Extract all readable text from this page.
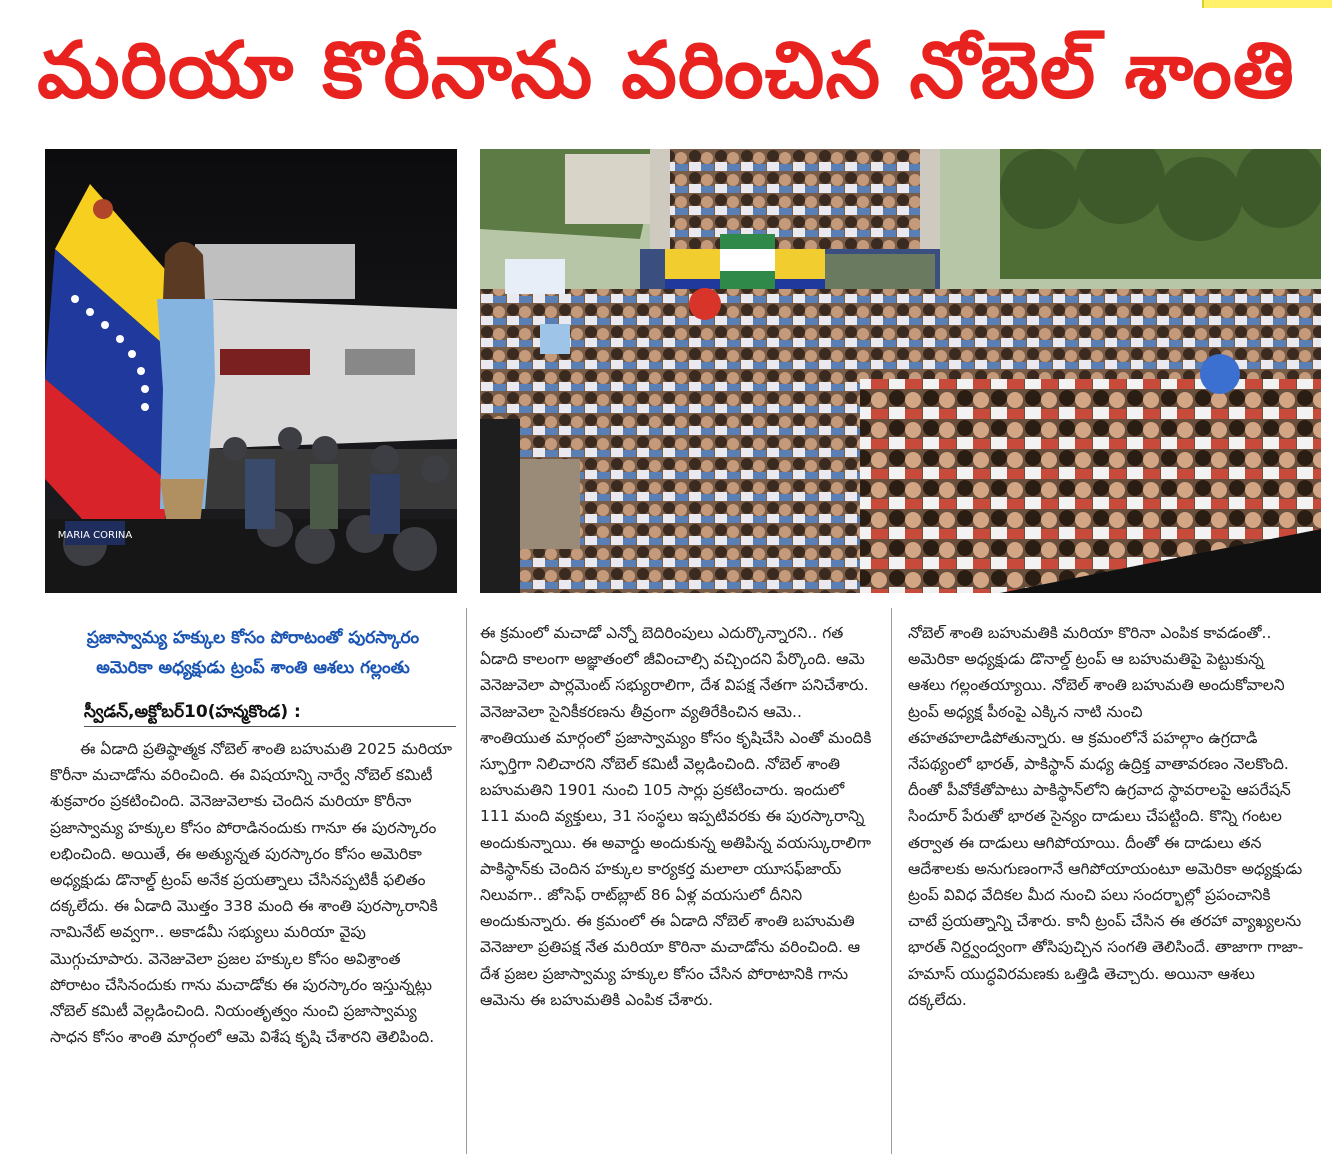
మరియా కొరీనాను వరించిన నోబెల్‌ శాంతి
MARIA CORINA
ప్రజాస్వామ్య హక్కుల కోసం పోరాటంతో పురస్కారం
అమెరికా అధ్యక్షుడు ట్రంప్‌ శాంతి ఆశలు గల్లంతు
స్వీడన్‌,అక్టోబర్‌10(హన్మకొండ) :
ఈ ఏడాది ప్రతిష్ఠాత్మక నోబెల్‌ శాంతి బహుమతి 2025 మరియా కొరీనా మచాడోను వరించింది. ఈ విషయాన్ని నార్వే నోబెల్‌ కమిటీ శుక్రవారం ప్రకటించింది. వెనెజువెలాకు చెందిన మరియా కొరీనా ప్రజాస్వామ్య హక్కుల కోసం పోరాడినందుకు గానూ ఈ పురస్కారం లభించింది. అయితే, ఈ అత్యున్నత పురస్కారం కోసం అమెరికా అధ్యక్షుడు డొనాల్డ్‌ ట్రంప్‌ అనేక ప్రయత్నాలు చేసినప్పటికీ ఫలితం దక్కలేదు. ఈ ఏడాది మొత్తం 338 మంది ఈ శాంతి పురస్కారానికి నామినేట్‌ అవ్వగా.. అకాడమీ సభ్యులు మరియా వైపు మొగ్గుచూపారు. వెనెజువెలా ప్రజల హక్కుల కోసం అవిశ్రాంత పోరాటం చేసినందుకు గాను మచాడోకు ఈ పురస్కారం ఇస్తున్నట్లు నోబెల్‌ కమిటీ వెల్లడించింది. నియంతృత్వం నుంచి ప్రజాస్వామ్య సాధన కోసం శాంతి మార్గంలో ఆమె విశేష కృషి చేశారని తెలిపింది.
ఈ క్రమంలో మచాడో ఎన్నో బెదిరింపులు ఎదుర్కొన్నారని.. గత ఏడాది కాలంగా అజ్ఞాతంలో జీవించాల్సి వచ్చిందని పేర్కొంది. ఆమె వెనెజువెలా పార్లమెంట్‌ సభ్యురాలిగా, దేశ విపక్ష నేతగా పనిచేశారు. వెనెజువెలా సైనికీకరణను తీవ్రంగా వ్యతిరేకించిన ఆమె.. శాంతియుత మార్గంలో ప్రజాస్వామ్యం కోసం కృషిచేసి ఎంతో మందికి స్ఫూర్తిగా నిలిచారని నోబెల్‌ కమిటీ వెల్లడించింది. నోబెల్‌ శాంతి బహుమతిని 1901 నుంచి 105 సార్లు ప్రకటించారు. ఇందులో 111 మంది వ్యక్తులు, 31 సంస్థలు ఇప్పటివరకు ఈ పురస్కారాన్ని అందుకున్నాయి. ఈ అవార్డు అందుకున్న అతిపిన్న వయస్కురాలిగా పాకిస్థాన్‌కు చెందిన హక్కుల కార్యకర్త మలాలా యూసఫ్‌జాయ్‌ నిలువగా.. జోసెఫ్‌ రాట్‌బ్లాట్‌ 86 ఏళ్ల వయసులో దీనిని అందుకున్నారు. ఈ క్రమంలో ఈ ఏడాది నోబెల్‌ శాంతి బహుమతి వెనెజులా ప్రతిపక్ష నేత మరియా కొరినా మచాడోను వరించింది. ఆ దేశ ప్రజల ప్రజాస్వామ్య హక్కుల కోసం చేసిన పోరాటానికి గాను ఆమెను ఈ బహుమతికి ఎంపిక చేశారు.
నోబెల్‌ శాంతి బహుమతికి మరియా కొరినా ఎంపిక కావడంతో.. అమెరికా అధ్యక్షుడు డొనాల్డ్‌ ట్రంప్‌ ఆ బహుమతిపై పెట్టుకున్న ఆశలు గల్లంతయ్యాయి. నోబెల్‌ శాంతి బహుమతి అందుకోవాలని ట్రంప్‌ అధ్యక్ష పీఠంపై ఎక్కిన నాటి నుంచి తహతహలాడిపోతున్నారు. ఆ క్రమంలోనే పహల్గాం ఉగ్రదాడి నేపథ్యంలో భారత్‌, పాకిస్థాన్‌ మధ్య ఉద్రిక్త వాతావరణం నెలకొంది. దీంతో పీవోకేతోపాటు పాకిస్థాన్‌లోని ఉగ్రవాద స్థావరాలపై ఆపరేషన్‌ సిందూర్‌ పేరుతో భారత సైన్యం దాడులు చేపట్టింది. కొన్ని గంటల తర్వాత ఈ దాడులు ఆగిపోయాయి. దీంతో ఈ దాడులు తన ఆదేశాలకు అనుగుణంగానే ఆగిపోయాయంటూ అమెరికా అధ్యక్షుడు ట్రంప్‌ వివిధ వేదికల మీద నుంచి పలు సందర్భాల్లో ప్రపంచానికి చాటే ప్రయత్నాన్ని చేశారు. కానీ ట్రంప్‌ చేసిన ఈ తరహా వ్యాఖ్యలను భారత్‌ నిర్ద్వంద్వంగా తోసిపుచ్చిన సంగతి తెలిసిందే. తాజాగా గాజా-హమాస్‌ యుద్ధవిరమణకు ఒత్తిడి తెచ్చారు. అయినా ఆశలు దక్కలేదు.
